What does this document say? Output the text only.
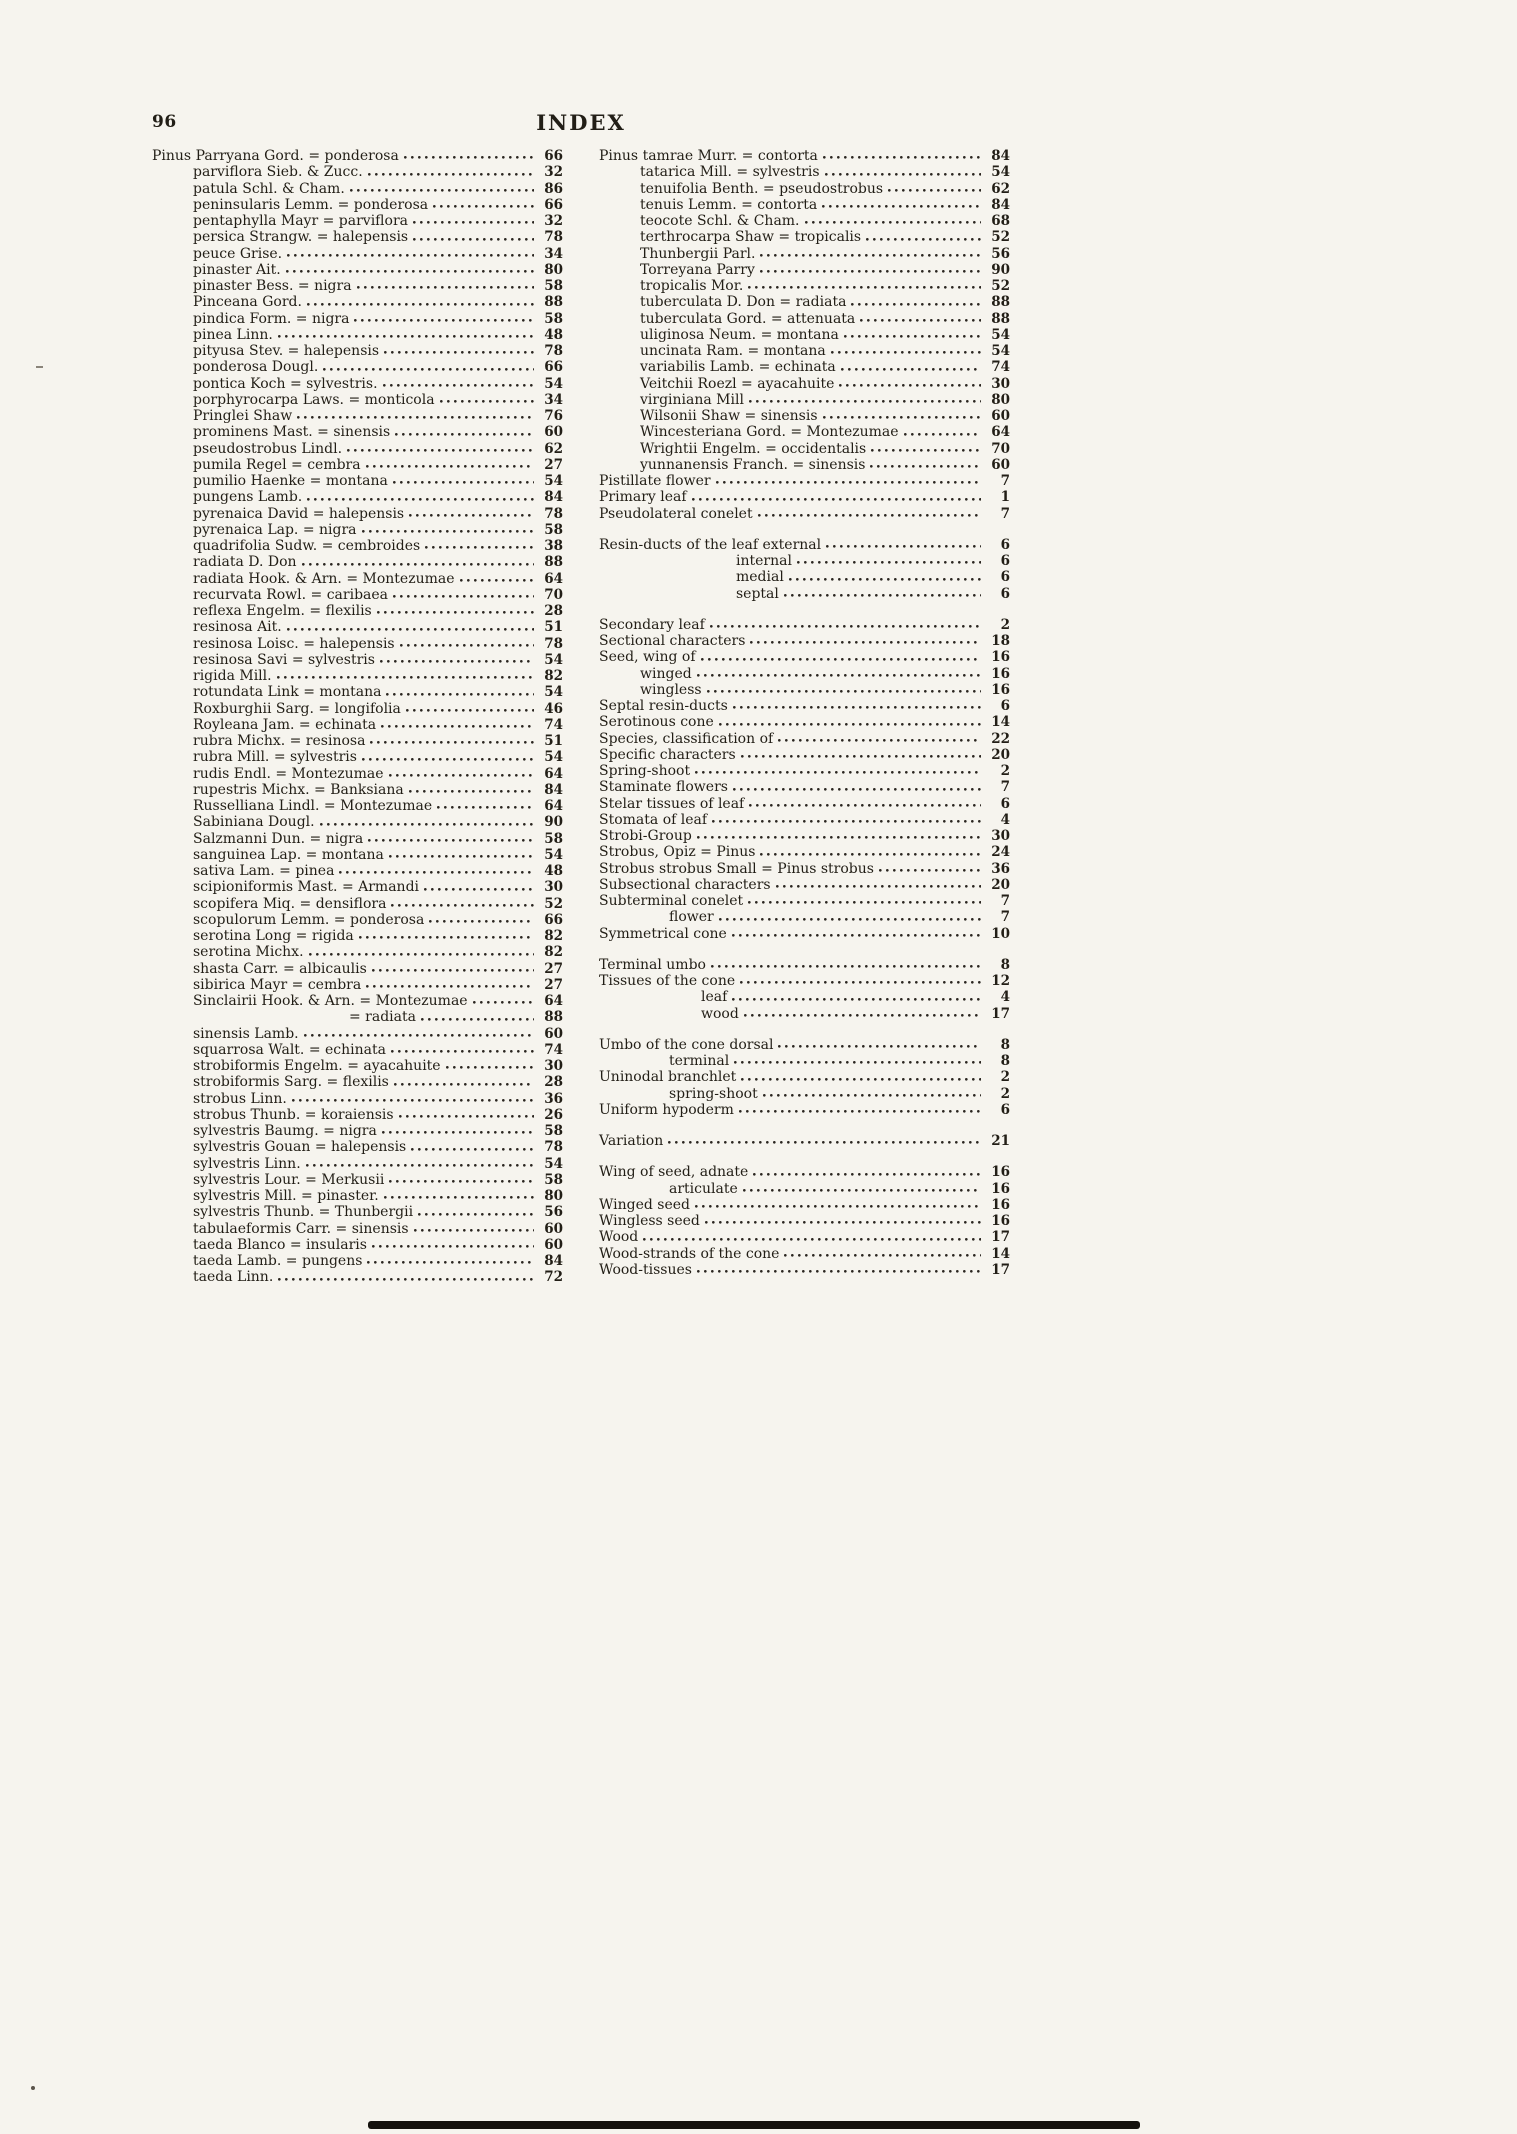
96	INDEX
Pinus Parryana Gord. = ponderosa	66
parviflora Sieb. & Zucc.	32
patula Schl. & Cham.	86
peninsularis Lemm. = ponderosa	66
pentaphylla Mayr = parviflora	32
persica Strangw. = halepensis	78
peuce Grise.	34
pinaster Ait.	80
pinaster Bess. = nigra	58
Pinceana Gord.	88
pindica Form. = nigra	58
pinea Linn.	48
pityusa Stev. = halepensis	78
ponderosa Dougl.	66
pontica Koch = sylvestris.	54
porphyrocarpa Laws. = monticola	34
Pringlei Shaw	76
prominens Mast. = sinensis	60
pseudostrobus Lindl.	62
pumila Regel = cembra	27
pumilio Haenke = montana	54
pungens Lamb.	84
pyrenaica David = halepensis	78
pyrenaica Lap. = nigra	58
quadrifolia Sudw. = cembroides	38
radiata D. Don	88
radiata Hook. & Arn. = Montezumae	64
recurvata Rowl. = caribaea	70
reflexa Engelm. = flexilis	28
resinosa Ait.	51
resinosa Loisc. = halepensis	78
resinosa Savi = sylvestris	54
rigida Mill.	82
rotundata Link = montana	54
Roxburghii Sarg. = longifolia	46
Royleana Jam. = echinata	74
rubra Michx. = resinosa	51
rubra Mill. = sylvestris	54
rudis Endl. = Montezumae	64
rupestris Michx. = Banksiana	84
Russelliana Lindl. = Montezumae	64
Sabiniana Dougl.	90
Salzmanni Dun. = nigra	58
sanguinea Lap. = montana	54
sativa Lam. = pinea	48
scipioniformis Mast. = Armandi	30
scopifera Miq. = densiflora	52
scopulorum Lemm. = ponderosa	66
serotina Long = rigida	82
serotina Michx.	82
shasta Carr. = albicaulis	27
sibirica Mayr = cembra	27
Sinclairii Hook. & Arn. = Montezumae	64
= radiata	88
sinensis Lamb.	60
squarrosa Walt. = echinata	74
strobiformis Engelm. = ayacahuite	30
strobiformis Sarg. = flexilis	28
strobus Linn.	36
strobus Thunb. = koraiensis	26
sylvestris Baumg. = nigra	58
sylvestris Gouan = halepensis	78
sylvestris Linn.	54
sylvestris Lour. = Merkusii	58
sylvestris Mill. = pinaster.	80
sylvestris Thunb. = Thunbergii	56
tabulaeformis Carr. = sinensis	60
taeda Blanco = insularis	60
taeda Lamb. = pungens	84
taeda Linn.	72
Pinus tamrae Murr. = contorta	84
tatarica Mill. = sylvestris	54
tenuifolia Benth. = pseudostrobus	62
tenuis Lemm. = contorta	84
teocote Schl. & Cham.	68
terthrocarpa Shaw = tropicalis	52
Thunbergii Parl.	56
Torreyana Parry	90
tropicalis Mor.	52
tuberculata D. Don = radiata	88
tuberculata Gord. = attenuata	88
uliginosa Neum. = montana	54
uncinata Ram. = montana	54
variabilis Lamb. = echinata	74
Veitchii Roezl = ayacahuite	30
virginiana Mill	80
Wilsonii Shaw = sinensis	60
Wincesteriana Gord. = Montezumae	64
Wrightii Engelm. = occidentalis	70
yunnanensis Franch. = sinensis	60
Pistillate flower	7
Primary leaf	1
Pseudolateral conelet	7
Resin-ducts of the leaf external	6
internal	6
medial	6
septal	6
Secondary leaf	2
Sectional characters	18
Seed, wing of	16
winged	16
wingless	16
Septal resin-ducts	6
Serotinous cone	14
Species, classification of	22
Specific characters	20
Spring-shoot	2
Staminate flowers	7
Stelar tissues of leaf	6
Stomata of leaf	4
Strobi-Group	30
Strobus, Opiz = Pinus	24
Strobus strobus Small = Pinus strobus	36
Subsectional characters	20
Subterminal conelet	7
flower	7
Symmetrical cone	10
Terminal umbo	8
Tissues of the cone	12
leaf	4
wood	17
Umbo of the cone dorsal	8
terminal	8
Uninodal branchlet	2
spring-shoot	2
Uniform hypoderm	6
Variation	21
Wing of seed, adnate	16
articulate	16
Winged seed	16
Wingless seed	16
Wood	17
Wood-strands of the cone	14
Wood-tissues	17
